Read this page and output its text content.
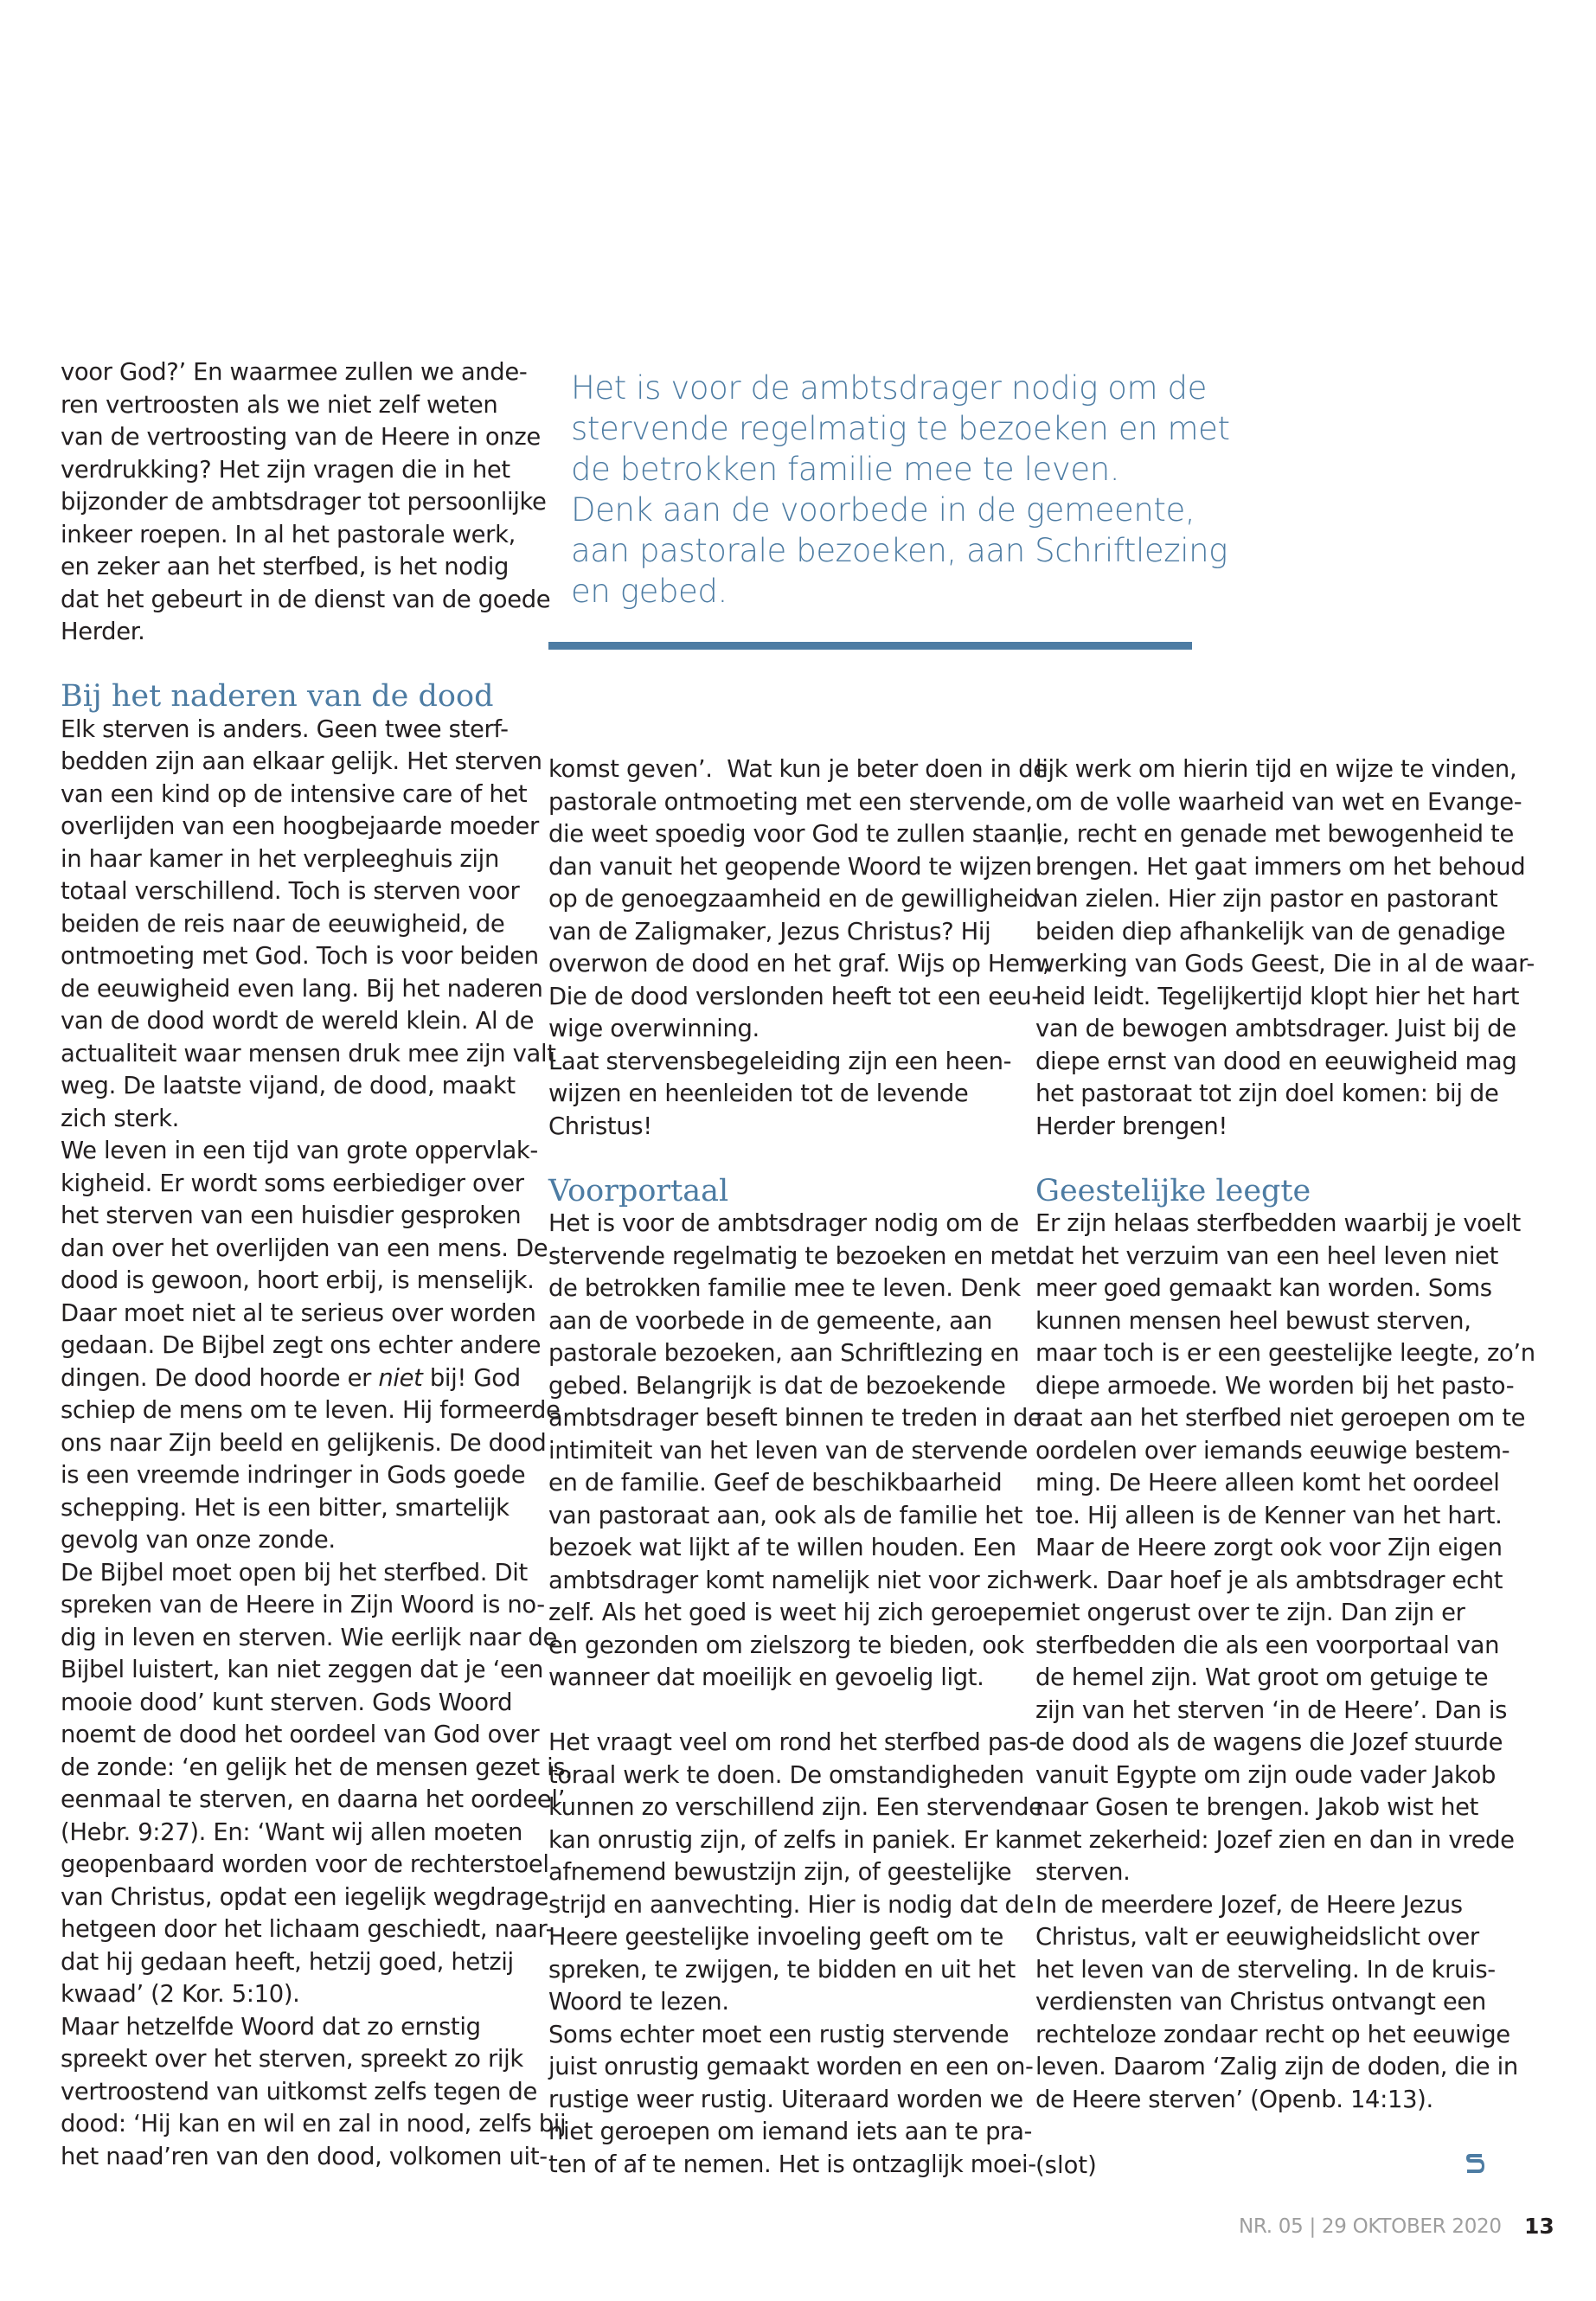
Het is voor de ambtsdrager nodig om de

stervende regelmatig te bezoeken en met

de betrokken familie mee te leven.

Denk aan de voorbede in de gemeente,

aan pastorale bezoeken, aan Schriftlezing

en gebed.

voor God?’ En waarmee zullen we ande-

ren vertroosten als we niet zelf weten

van de vertroosting van de Heere in onze

verdrukking? Het zijn vragen die in het

bijzonder de ambtsdrager tot persoonlijke

inkeer roepen. In al het pastorale werk,

en zeker aan het sterfbed, is het nodig

dat het gebeurt in de dienst van de goede

Herder.

Bij het naderen van de dood

Elk sterven is anders. Geen twee sterf-

bedden zijn aan elkaar gelijk. Het sterven

van een kind op de intensive care of het

overlijden van een hoogbejaarde moeder

in haar kamer in het verpleeghuis zijn

totaal verschillend. Toch is sterven voor

beiden de reis naar de eeuwigheid, de

ontmoeting met God. Toch is voor beiden

de eeuwigheid even lang. Bij het naderen

van de dood wordt de wereld klein. Al de

actualiteit waar mensen druk mee zijn valt

weg. De laatste vijand, de dood, maakt

zich sterk.

We leven in een tijd van grote oppervlak-

kigheid. Er wordt soms eerbiediger over

het sterven van een huisdier gesproken

dan over het overlijden van een mens. De

dood is gewoon, hoort erbij, is menselijk.

Daar moet niet al te serieus over worden

gedaan. De Bijbel zegt ons echter andere

dingen. De dood hoorde er niet bij! God

schiep de mens om te leven. Hij formeerde

ons naar Zijn beeld en gelijkenis. De dood

is een vreemde indringer in Gods goede

schepping. Het is een bitter, smartelijk

gevolg van onze zonde.

De Bijbel moet open bij het sterfbed. Dit

spreken van de Heere in Zijn Woord is no-

dig in leven en sterven. Wie eerlijk naar de

Bijbel luistert, kan niet zeggen dat je ‘een

mooie dood’ kunt sterven. Gods Woord

noemt de dood het oordeel van God over

de zonde: ‘en gelijk het de mensen gezet is,

eenmaal te sterven, en daarna het oordeel’

(Hebr. 9:27). En: ‘Want wij allen moeten

geopenbaard worden voor de rechterstoel

van Christus, opdat een iegelijk wegdrage

hetgeen door het lichaam geschiedt, naar-

dat hij gedaan heeft, hetzij goed, hetzij

kwaad’ (2 Kor. 5:10).

Maar hetzelfde Woord dat zo ernstig

spreekt over het sterven, spreekt zo rijk

vertroostend van uitkomst zelfs tegen de

dood: ‘Hij kan en wil en zal in nood, zelfs bij

het naad’ren van den dood, volkomen uit-

komst geven’.  Wat kun je beter doen in de

pastorale ontmoeting met een stervende,

die weet spoedig voor God te zullen staan,

dan vanuit het geopende Woord te wijzen

op de genoegzaamheid en de gewilligheid

van de Zaligmaker, Jezus Christus? Hij

overwon de dood en het graf. Wijs op Hem,

Die de dood verslonden heeft tot een eeu-

wige overwinning.

Laat stervensbegeleiding zijn een heen-

wijzen en heenleiden tot de levende

Christus!

Voorportaal

Het is voor de ambtsdrager nodig om de

stervende regelmatig te bezoeken en met

de betrokken familie mee te leven. Denk

aan de voorbede in de gemeente, aan

pastorale bezoeken, aan Schriftlezing en

gebed. Belangrijk is dat de bezoekende

ambtsdrager beseft binnen te treden in de

intimiteit van het leven van de stervende

en de familie. Geef de beschikbaarheid

van pastoraat aan, ook als de familie het

bezoek wat lijkt af te willen houden. Een

ambtsdrager komt namelijk niet voor zich-

zelf. Als het goed is weet hij zich geroepen

en gezonden om zielszorg te bieden, ook

wanneer dat moeilijk en gevoelig ligt.

Het vraagt veel om rond het sterfbed pas-

toraal werk te doen. De omstandigheden

kunnen zo verschillend zijn. Een stervende

kan onrustig zijn, of zelfs in paniek. Er kan

afnemend bewustzijn zijn, of geestelijke

strijd en aanvechting. Hier is nodig dat de

Heere geestelijke invoeling geeft om te

spreken, te zwijgen, te bidden en uit het

Woord te lezen.

Soms echter moet een rustig stervende

juist onrustig gemaakt worden en een on-

rustige weer rustig. Uiteraard worden we

niet geroepen om iemand iets aan te pra-

ten of af te nemen. Het is ontzaglijk moei-

lijk werk om hierin tijd en wijze te vinden,

om de volle waarheid van wet en Evange-

lie, recht en genade met bewogenheid te

brengen. Het gaat immers om het behoud

van zielen. Hier zijn pastor en pastorant

beiden diep afhankelijk van de genadige

werking van Gods Geest, Die in al de waar-

heid leidt. Tegelijkertijd klopt hier het hart

van de bewogen ambtsdrager. Juist bij de

diepe ernst van dood en eeuwigheid mag

het pastoraat tot zijn doel komen: bij de

Herder brengen!

Geestelijke leegte

Er zijn helaas sterfbedden waarbij je voelt

dat het verzuim van een heel leven niet

meer goed gemaakt kan worden. Soms

kunnen mensen heel bewust sterven,

maar toch is er een geestelijke leegte, zo’n

diepe armoede. We worden bij het pasto-

raat aan het sterfbed niet geroepen om te

oordelen over iemands eeuwige bestem-

ming. De Heere alleen komt het oordeel

toe. Hij alleen is de Kenner van het hart.

Maar de Heere zorgt ook voor Zijn eigen

werk. Daar hoef je als ambtsdrager echt

niet ongerust over te zijn. Dan zijn er

sterfbedden die als een voorportaal van

de hemel zijn. Wat groot om getuige te

zijn van het sterven ‘in de Heere’. Dan is

de dood als de wagens die Jozef stuurde

vanuit Egypte om zijn oude vader Jakob

naar Gosen te brengen. Jakob wist het

met zekerheid: Jozef zien en dan in vrede

sterven.

In de meerdere Jozef, de Heere Jezus

Christus, valt er eeuwigheidslicht over

het leven van de sterveling. In de kruis-

verdiensten van Christus ontvangt een

rechteloze zondaar recht op het eeuwige

leven. Daarom ‘Zalig zijn de doden, die in

de Heere sterven’ (Openb. 14:13).

(slot)
NR. 05 | 29 OKTOBER 2020 13
